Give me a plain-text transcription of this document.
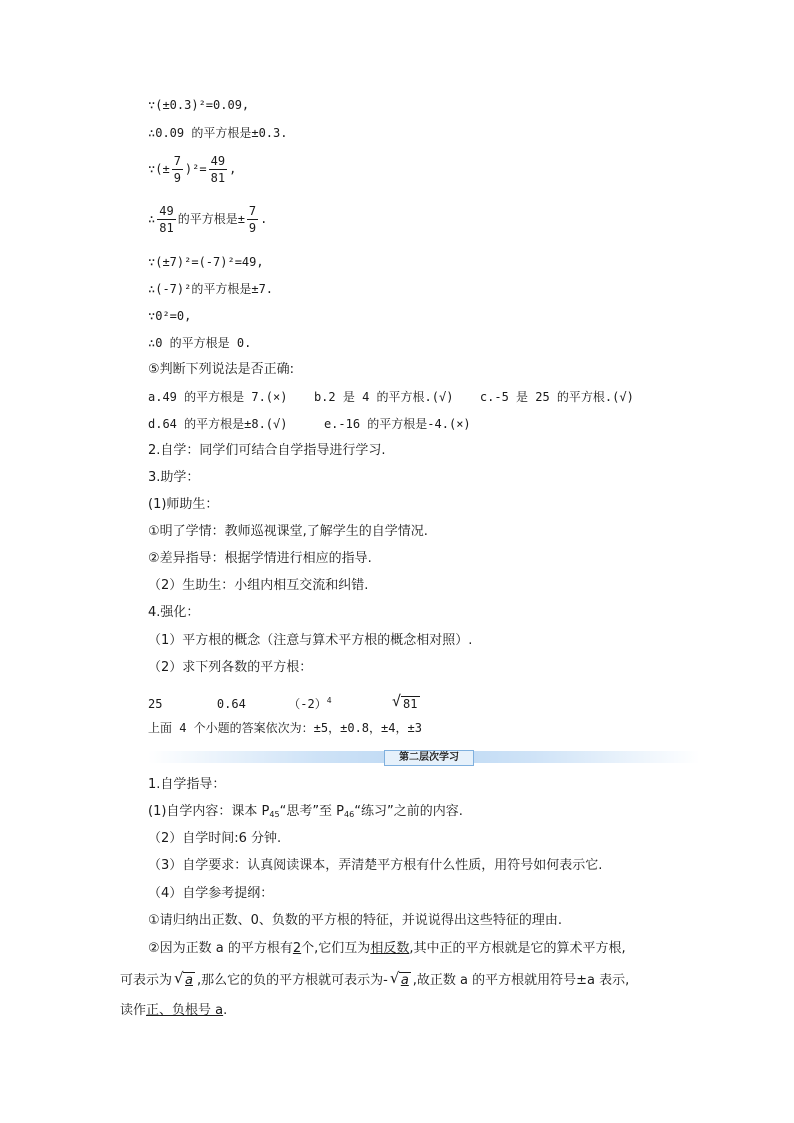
∵(±0.3)²=0.09,
∴0.09 的平方根是±0.3.
∵(± $\frac{7}{9} )^2= \frac{49}{81}$ ,
∴ $\frac{49}{81}$ 的平方根是± $\frac{7}{9}$ .
∵(±7)²=(-7)²=49,
∴(-7)²的平方根是±7.
∵0²=0,
∴0 的平方根是 0.
⑤判断下列说法是否正确:
a.49 的平方根是 7.(×) b.2 是 4 的平方根.(√) c.-5 是 25 的平方根.(√)
d.64 的平方根是±8.(√)	e.-16 的平方根是-4.(×)
2.自学：同学们可结合自学指导进行学习.
3.助学：
(1)师助生：
①明了学情：教师巡视课堂,了解学生的自学情况.
②差异指导：根据学情进行相应的指导.
（2）生助生：小组内相互交流和纠错.
4.强化：
（1）平方根的概念（注意与算术平方根的概念相对照）.
（2）求下列各数的平方根：
25	0.64	$(-2)^4$	√ 81
上面 4 个小题的答案依次为：±5，±0.8，±4，±3
第二层次学习
1.自学指导：
(1)自学内容：课本 $P_{45}“$思考”至 $P_{46}“$练习”之前的内容.
（2）自学时间:6 分钟.
（3）自学要求：认真阅读课本，弄清楚平方根有什么性质，用符号如何表示它.
（4）自学参考提纲：
①请归纳出正数、0、负数的平方根的特征，并说说得出这些特征的理由.
②因为正数 a 的平方根有2个,它们互为相反数,其中正的平方根就是它的算术平方根,
可表示为 √ a ,那么它的负的平方根就可表示为- √ a ,故正数 a 的平方根就用符号±a 表示,
读作正、负根号 a.
